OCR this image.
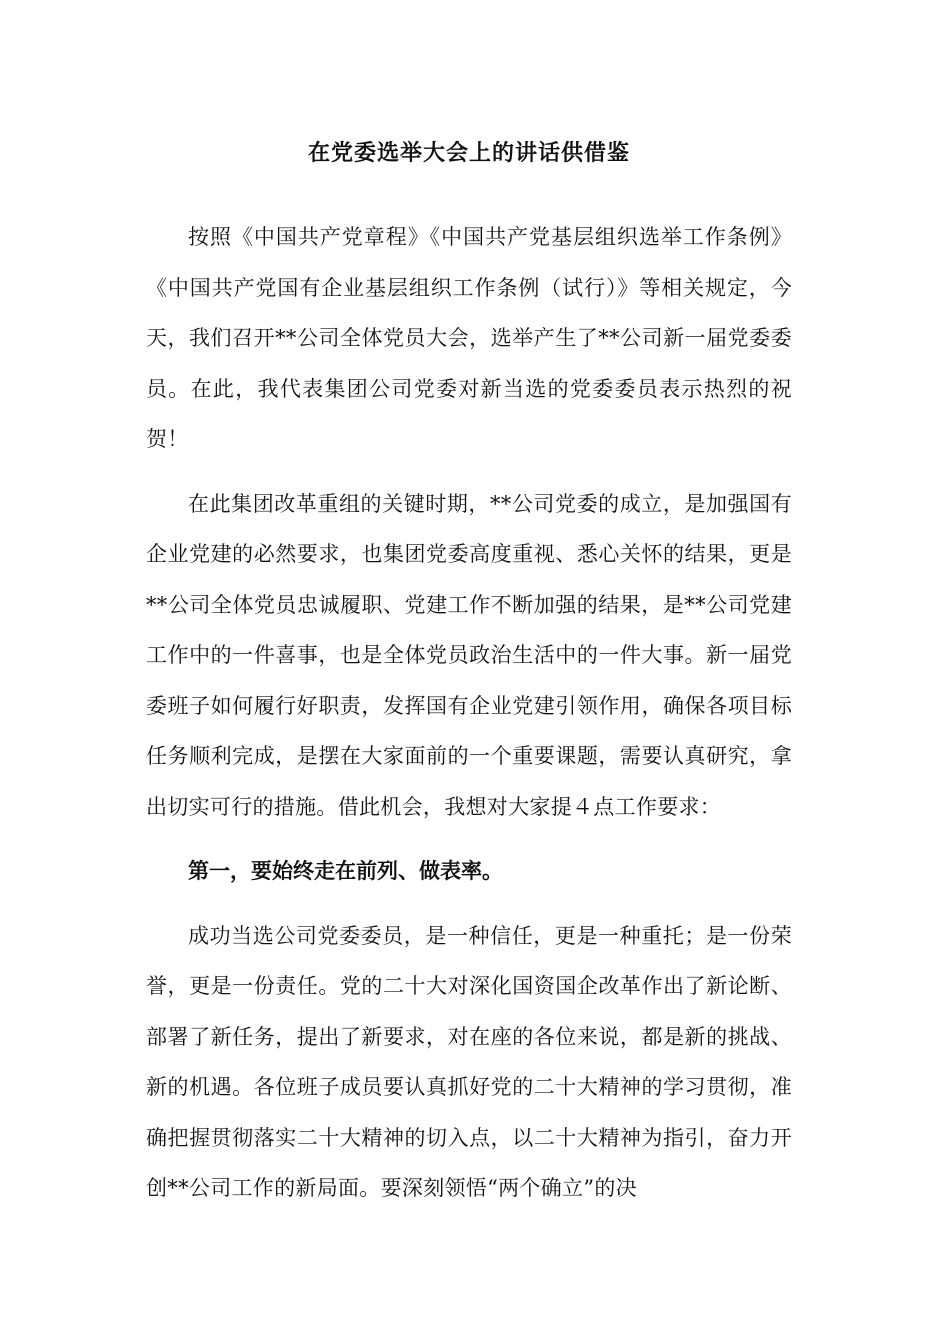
在党委选举大会上的讲话供借鉴

按照《中国共产党章程》《中国共产党基层组织选举工作条例》《中国共产党国有企业基层组织工作条例（试行）》等相关规定，今天，我们召开**公司全体党员大会，选举产生了**公司新一届党委委员。在此，我代表集团公司党委对新当选的党委委员表示热烈的祝贺！

在此集团改革重组的关键时期，**公司党委的成立，是加强国有企业党建的必然要求，也集团党委高度重视、悉心关怀的结果，更是**公司全体党员忠诚履职、党建工作不断加强的结果，是**公司党建工作中的一件喜事，也是全体党员政治生活中的一件大事。新一届党委班子如何履行好职责，发挥国有企业党建引领作用，确保各项目标任务顺利完成，是摆在大家面前的一个重要课题，需要认真研究，拿出切实可行的措施。借此机会，我想对大家提４点工作要求：

第一，要始终走在前列、做表率。

成功当选公司党委委员，是一种信任，更是一种重托；是一份荣誉，更是一份责任。党的二十大对深化国资国企改革作出了新论断、部署了新任务，提出了新要求，对在座的各位来说，都是新的挑战、新的机遇。各位班子成员要认真抓好党的二十大精神的学习贯彻，准确把握贯彻落实二十大精神的切入点，以二十大精神为指引，奋力开创**公司工作的新局面。要深刻领悟“两个确立”的决
